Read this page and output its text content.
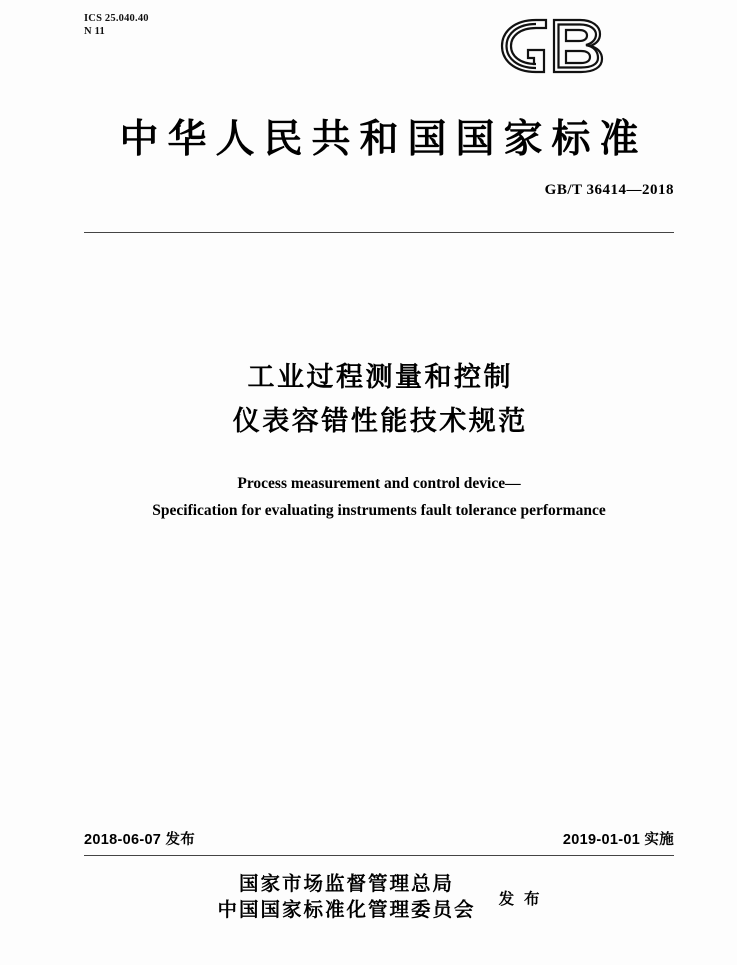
ICS 25.040.40
N 11
中华人民共和国国家标准
GB/T 36414—2018
工业过程测量和控制
仪表容错性能技术规范
Process measurement and control device—
Specification for evaluating instruments fault tolerance performance
2018-06-07 发布	2019-01-01 实施
国家市场监督管理总局
中国国家标准化管理委员会
发 布
